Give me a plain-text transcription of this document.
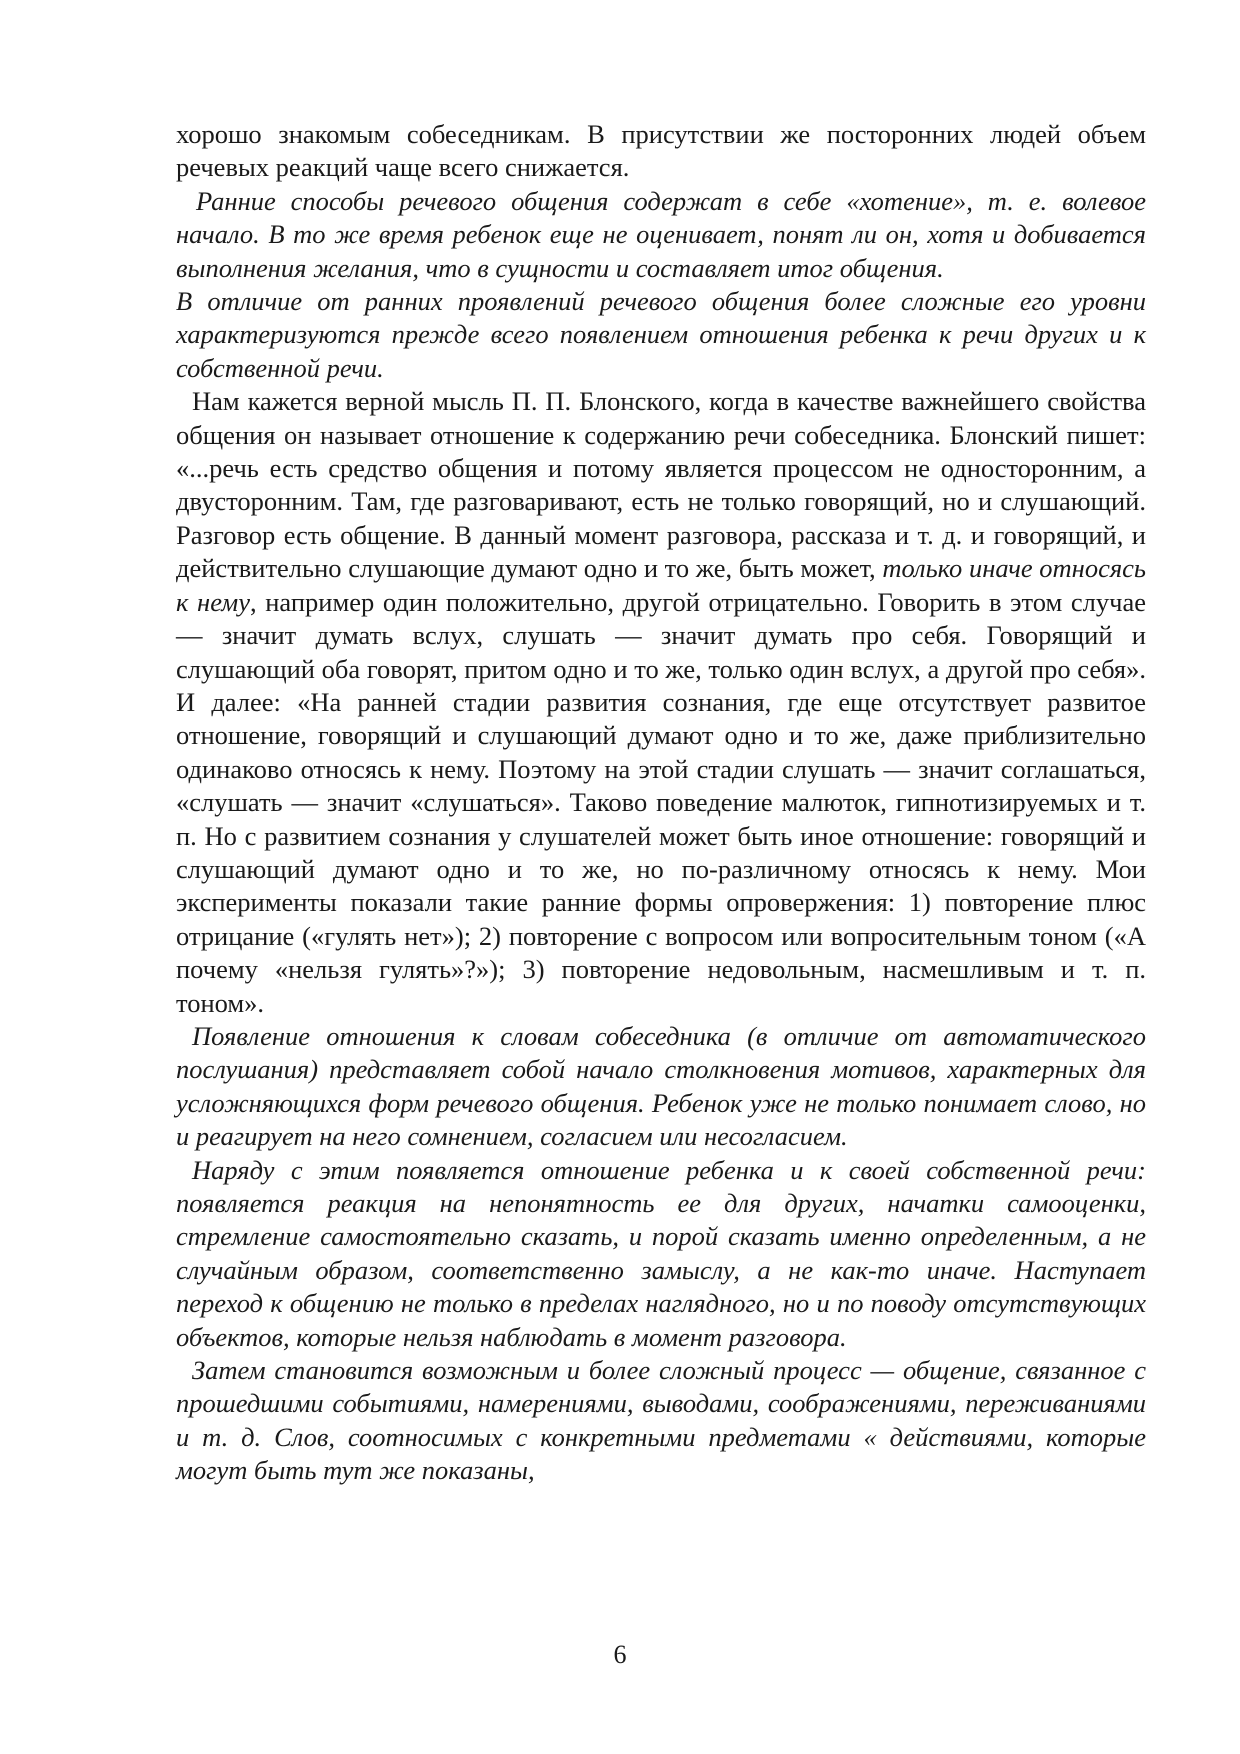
хорошо знакомым собеседникам. В присутствии же посторонних людей объем речевых реакций чаще всего снижается.

Ранние способы речевого общения содержат в себе «хотение», т. е. волевое начало. В то же время ребенок еще не оценивает, понят ли он, хотя и добивается выполнения желания, что в сущности и составляет итог общения.

В отличие от ранних проявлений речевого общения более сложные его уровни характеризуются прежде всего появлением отношения ребенка к речи других и к собственной речи.

Нам кажется верной мысль П. П. Блонского, когда в качестве важнейшего свойства общения он называет отношение к содержанию речи собеседника. Блонский пишет: «...речь есть средство общения и потому является процессом не односторонним, а двусторонним. Там, где разговаривают, есть не только говорящий, но и слушающий. Разговор есть общение. В данный момент разговора, рассказа и т. д. и говорящий, и действительно слушающие думают одно и то же, быть может, только иначе относясь к нему, например один положительно, другой отрицательно. Говорить в этом случае — значит думать вслух, слушать — значит думать про себя. Говорящий и слушающий оба говорят, притом одно и то же, только один вслух, а другой про себя». И далее: «На ранней стадии развития сознания, где еще отсутствует развитое отношение, говорящий и слушающий думают одно и то же, даже приблизительно одинаково относясь к нему. Поэтому на этой стадии слушать — значит соглашаться, «слушать — значит «слушаться». Таково поведение малюток, гипнотизируемых и т. п. Но с развитием сознания у слушателей может быть иное отношение: говорящий и слушающий думают одно и то же, но по-различному относясь к нему. Мои эксперименты показали такие ранние формы опровержения: 1) повторение плюс отрицание («гулять нет»); 2) повторение с вопросом или вопросительным тоном («А почему «нельзя гулять»?»); 3) повторение недовольным, насмешливым и т. п. тоном».

Появление отношения к словам собеседника (в отличие от автоматического послушания) представляет собой начало столкновения мотивов, характерных для усложняющихся форм речевого общения. Ребенок уже не только понимает слово, но и реагирует на него сомнением, согласием или несогласием.

Наряду с этим появляется отношение ребенка и к своей собственной речи: появляется реакция на непонятность ее для других, начатки самооценки, стремление самостоятельно сказать, и порой сказать именно определенным, а не случайным образом, соответственно замыслу, а не как-то иначе. Наступает переход к общению не только в пределах наглядного, но и по поводу отсутствующих объектов, которые нельзя наблюдать в момент разговора.

Затем становится возможным и более сложный процесс — общение, связанное с прошедшими событиями, намерениями, выводами, соображениями, переживаниями и т. д. Слов, соотносимых с конкретными предметами « действиями, которые могут быть тут же показаны,

6
